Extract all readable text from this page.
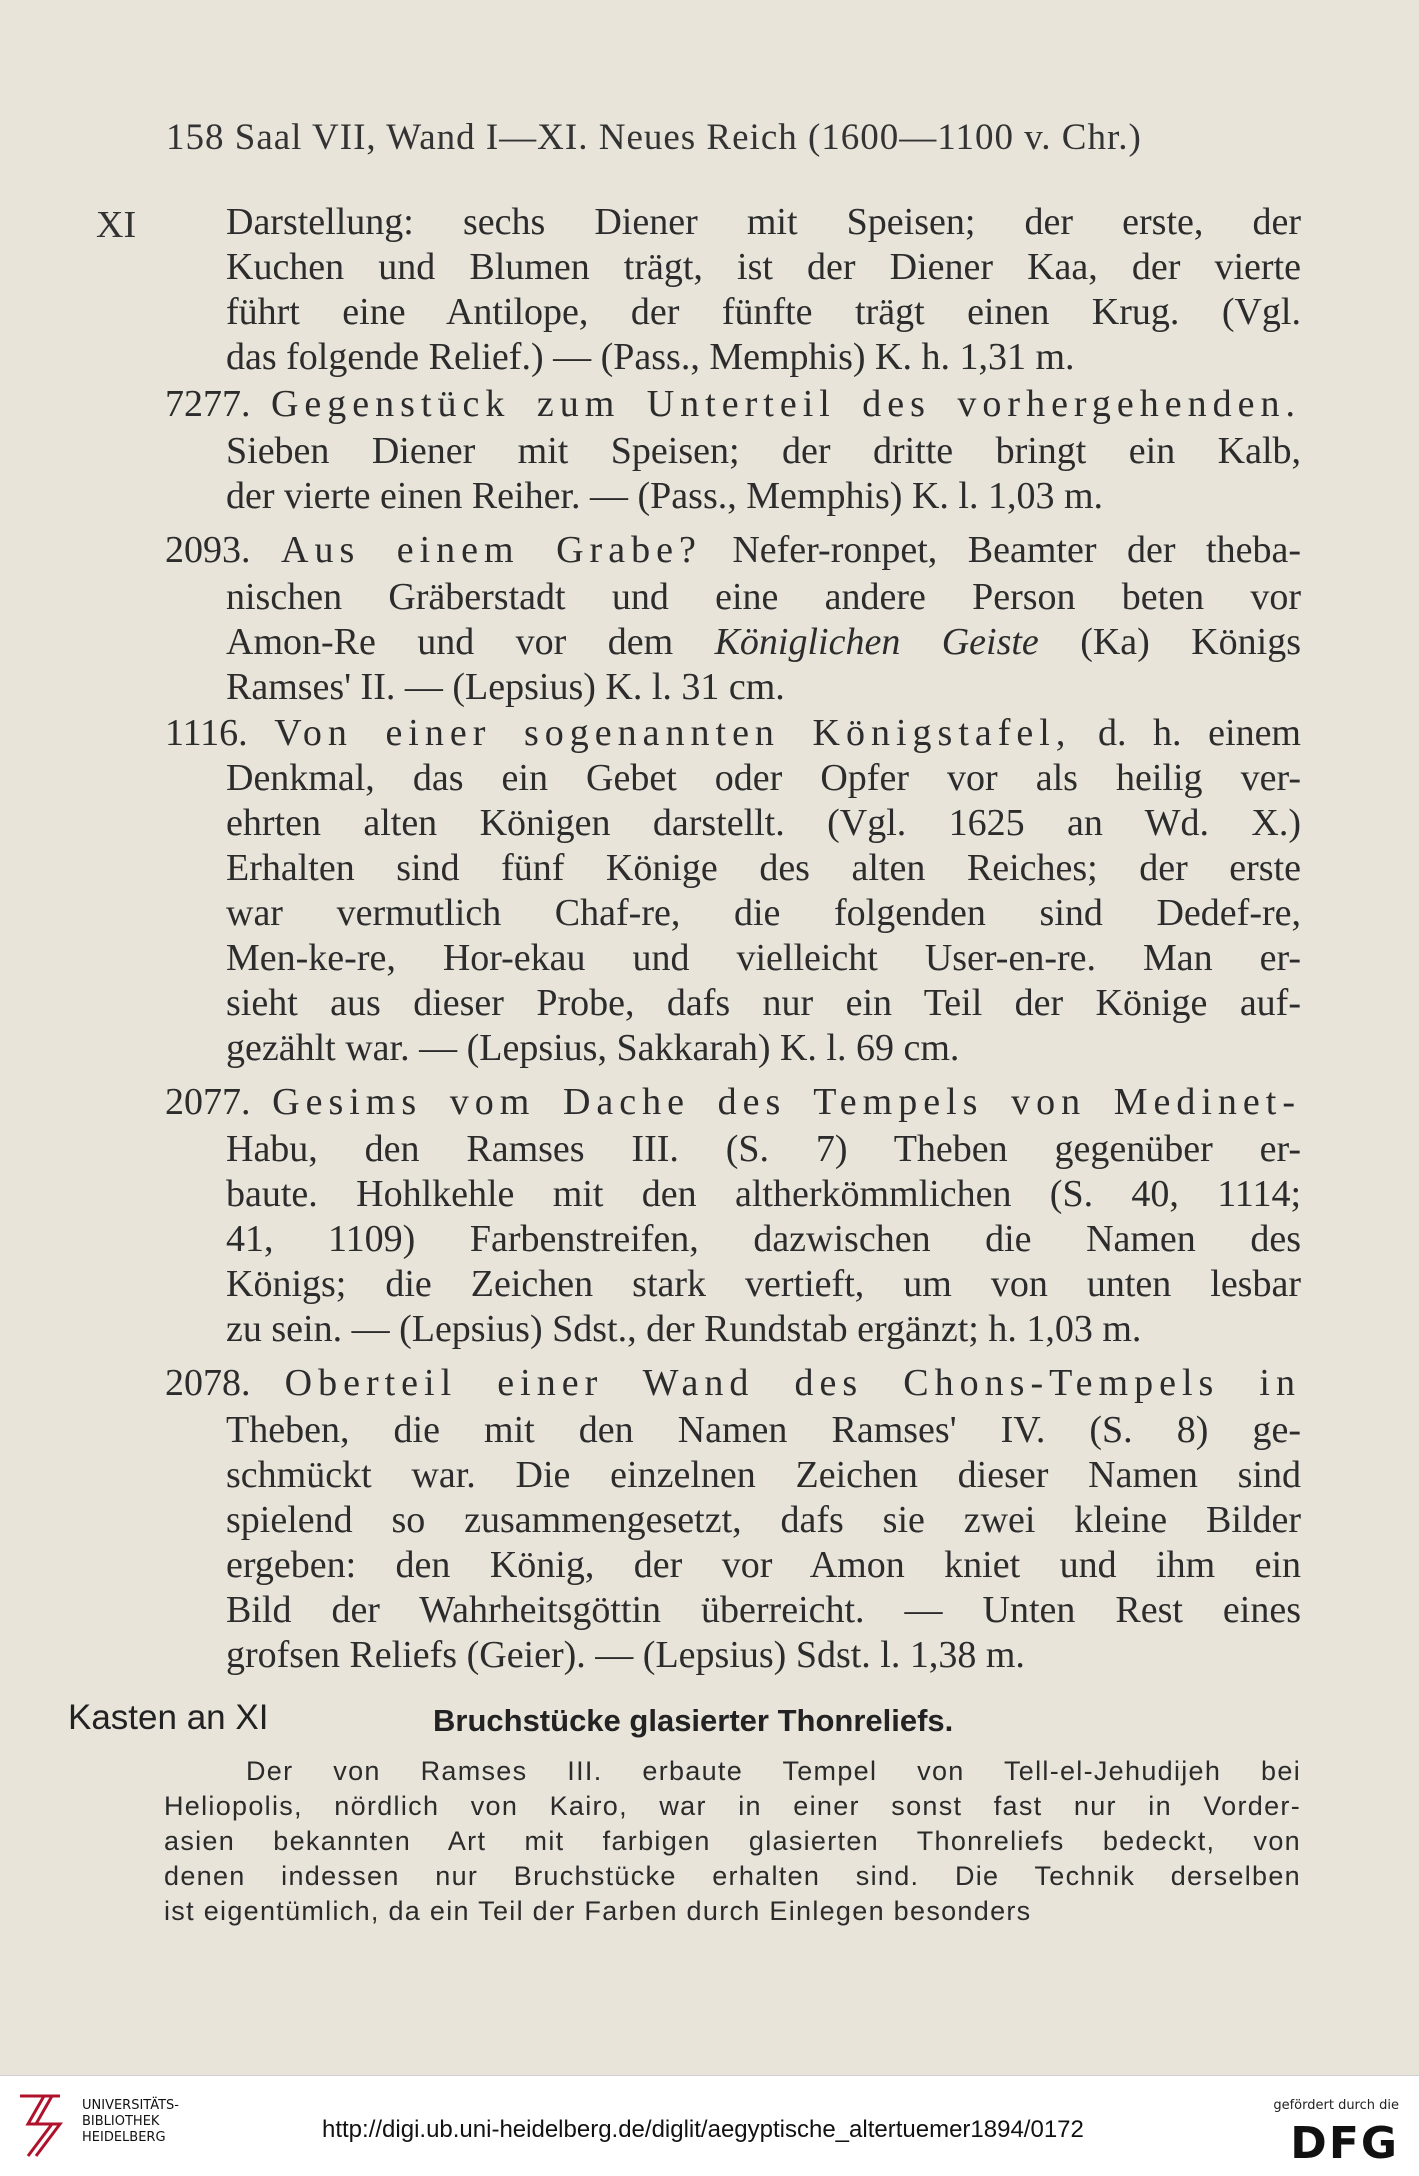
158 Saal VII, Wand I—XI. Neues Reich (1600—1100 v. Chr.)
XI	Darstellung: sechs Diener mit Speisen; der erste, der
Kuchen und Blumen trägt, ist der Diener Kaa, der vierte
führt eine Antilope, der fünfte trägt einen Krug. (Vgl.
das folgende Relief.) — (Pass., Memphis) K. h. 1,31 m.
7277. Gegenstück zum Unterteil des vorhergehenden.
Sieben Diener mit Speisen; der dritte bringt ein Kalb,
der vierte einen Reiher. — (Pass., Memphis) K. l. 1,03 m.
2093. Aus einem Grabe? Nefer-ronpet, Beamter der theba-
nischen Gräberstadt und eine andere Person beten vor
Amon-Re und vor dem Königlichen Geiste (Ka) Königs
Ramses' II. — (Lepsius) K. l. 31 cm.
1116. Von einer sogenannten Königstafel, d. h. einem
Denkmal, das ein Gebet oder Opfer vor als heilig ver-
ehrten alten Königen darstellt. (Vgl. 1625 an Wd. X.)
Erhalten sind fünf Könige des alten Reiches; der erste
war vermutlich Chaf-re, die folgenden sind Dedef-re,
Men-ke-re, Hor-ekau und vielleicht User-en-re. Man er-
sieht aus dieser Probe, dafs nur ein Teil der Könige auf-
gezählt war. — (Lepsius, Sakkarah) K. l. 69 cm.
2077. Gesims vom Dache des Tempels von Medinet-
Habu, den Ramses III. (S. 7) Theben gegenüber er-
baute. Hohlkehle mit den altherkömmlichen (S. 40, 1114;
41, 1109) Farbenstreifen, dazwischen die Namen des
Königs; die Zeichen stark vertieft, um von unten lesbar
zu sein. — (Lepsius) Sdst., der Rundstab ergänzt; h. 1,03 m.
2078. Oberteil einer Wand des Chons-Tempels in
Theben, die mit den Namen Ramses' IV. (S. 8) ge-
schmückt war. Die einzelnen Zeichen dieser Namen sind
spielend so zusammengesetzt, dafs sie zwei kleine Bilder
ergeben: den König, der vor Amon kniet und ihm ein
Bild der Wahrheitsgöttin überreicht. — Unten Rest eines
grofsen Reliefs (Geier). — (Lepsius) Sdst. l. 1,38 m.
Kasten an XI	Bruchstücke glasierter Thonreliefs.
Der von Ramses III. erbaute Tempel von Tell-el-Jehudijeh bei
Heliopolis, nördlich von Kairo, war in einer sonst fast nur in Vorder-
asien bekannten Art mit farbigen glasierten Thonreliefs bedeckt, von
denen indessen nur Bruchstücke erhalten sind. Die Technik derselben
ist eigentümlich, da ein Teil der Farben durch Einlegen besonders
UNIVERSITÄTS-
BIBLIOTHEK
HEIDELBERG	http://digi.ub.uni-heidelberg.de/diglit/aegyptische_altertuemer1894/0172
gefördert durch die
DFG
